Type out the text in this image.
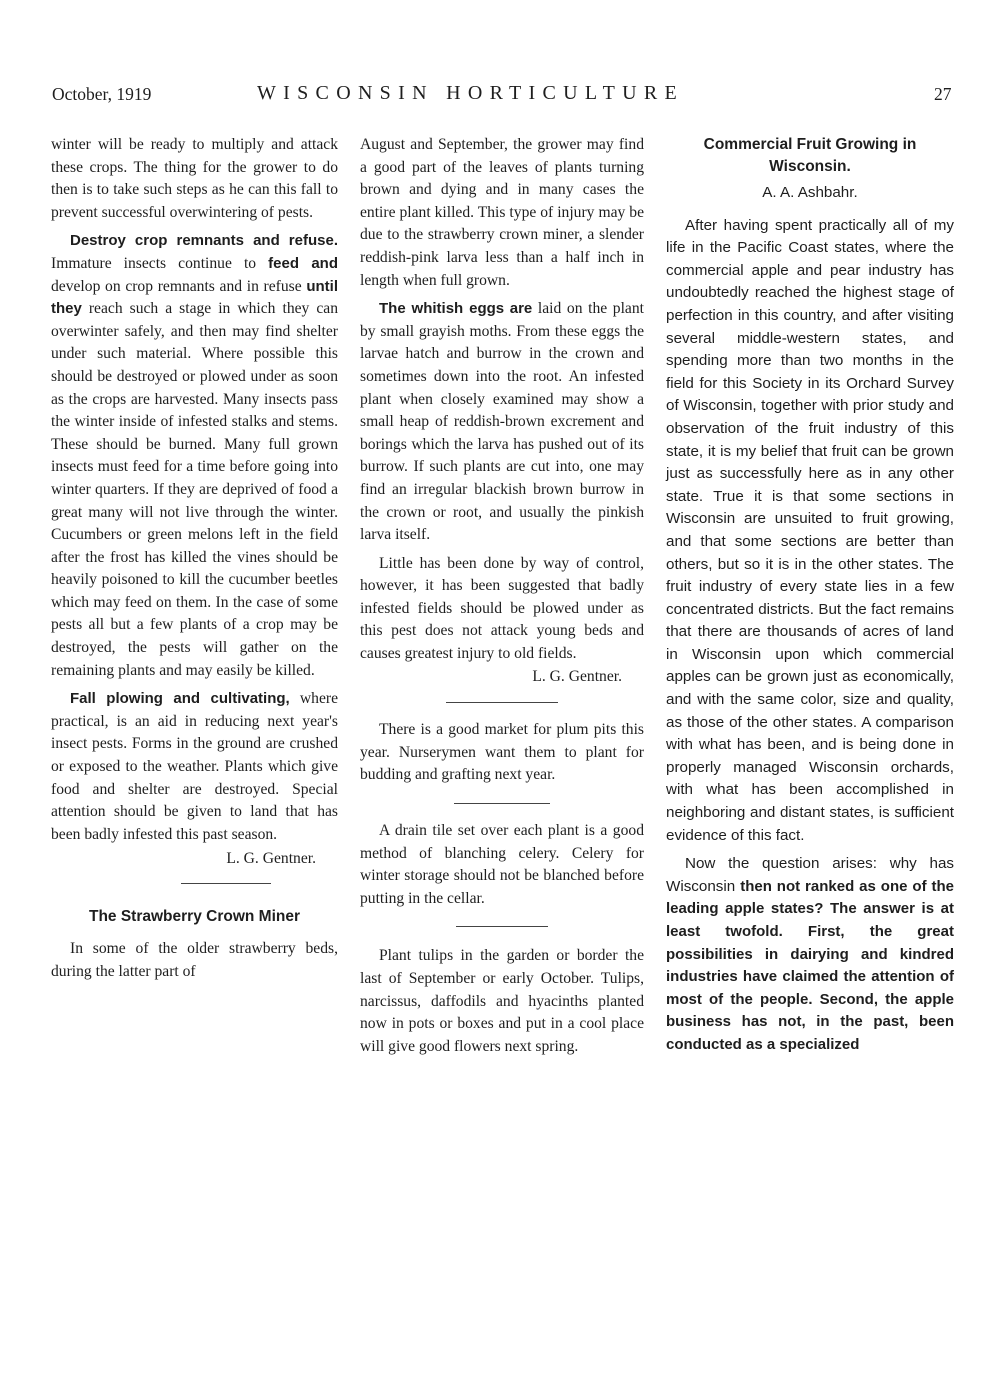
October, 1919	WISCONSIN HORTICULTURE	27

winter will be ready to multiply and attack these crops. The thing for the grower to do then is to take such steps as he can this fall to prevent successful overwintering of pests.

Destroy crop remnants and refuse. Immature insects continue to feed and develop on crop remnants and in refuse until they reach such a stage in which they can overwinter safely, and then may find shelter under such material. Where possible this should be destroyed or plowed under as soon as the crops are harvested. Many insects pass the winter inside of infested stalks and stems. These should be burned. Many full grown insects must feed for a time before going into winter quarters. If they are deprived of food a great many will not live through the winter. Cucumbers or green melons left in the field after the frost has killed the vines should be heavily poisoned to kill the cucumber beetles which may feed on them. In the case of some pests all but a few plants of a crop may be destroyed, the pests will gather on the remaining plants and may easily be killed.

Fall plowing and cultivating, where practical, is an aid in reducing next year's insect pests. Forms in the ground are crushed or exposed to the weather. Plants which give food and shelter are destroyed. Special attention should be given to land that has been badly infested this past season.

L. G. Gentner.

The Strawberry Crown Miner

In some of the older strawberry beds, during the latter part of

August and September, the grower may find a good part of the leaves of plants turning brown and dying and in many cases the entire plant killed. This type of injury may be due to the strawberry crown miner, a slender reddish-pink larva less than a half inch in length when full grown.

The whitish eggs are laid on the plant by small grayish moths. From these eggs the larvae hatch and burrow in the crown and sometimes down into the root. An infested plant when closely examined may show a small heap of reddish-brown excrement and borings which the larva has pushed out of its burrow. If such plants are cut into, one may find an irregular blackish brown burrow in the crown or root, and usually the pinkish larva itself.

Little has been done by way of control, however, it has been suggested that badly infested fields should be plowed under as this pest does not attack young beds and causes greatest injury to old fields.

L. G. Gentner.

There is a good market for plum pits this year. Nurserymen want them to plant for budding and grafting next year.

A drain tile set over each plant is a good method of blanching celery. Celery for winter storage should not be blanched before putting in the cellar.

Plant tulips in the garden or border the last of September or early October. Tulips, narcissus, daffodils and hyacinths planted now in pots or boxes and put in a cool place will give good flowers next spring.

Commercial Fruit Growing in Wisconsin.

A. A. Ashbahr.

After having spent practically all of my life in the Pacific Coast states, where the commercial apple and pear industry has undoubtedly reached the highest stage of perfection in this country, and after visiting several middle-western states, and spending more than two months in the field for this Society in its Orchard Survey of Wisconsin, together with prior study and observation of the fruit industry of this state, it is my belief that fruit can be grown just as successfully here as in any other state. True it is that some sections in Wisconsin are unsuited to fruit growing, and that some sections are better than others, but so it is in the other states. The fruit industry of every state lies in a few concentrated districts. But the fact remains that there are thousands of acres of land in Wisconsin upon which commercial apples can be grown just as economically, and with the same color, size and quality, as those of the other states. A comparison with what has been, and is being done in properly managed Wisconsin orchards, with what has been accomplished in neighboring and distant states, is sufficient evidence of this fact.

Now the question arises: why has Wisconsin then not ranked as one of the leading apple states? The answer is at least twofold. First, the great possibilities in dairying and kindred industries have claimed the attention of most of the people. Second, the apple business has not, in the past, been conducted as a specialized
